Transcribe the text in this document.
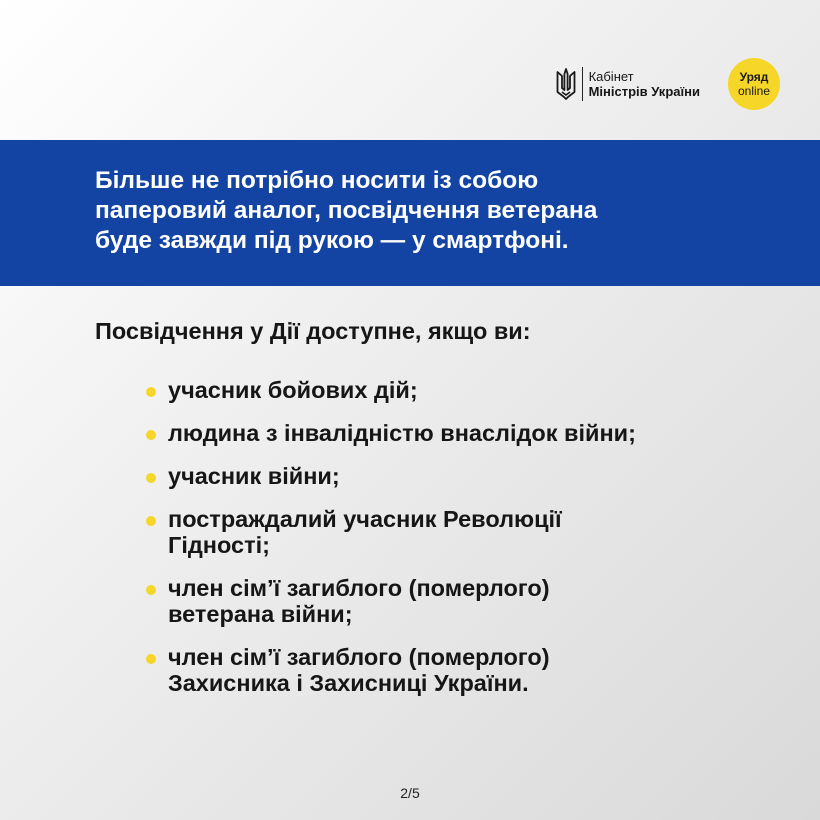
Кабінет
Міністрів України
Уряд
online

Більше не потрібно носити із собою
паперовий аналог, посвідчення ветерана
буде завжди під рукою — у смартфоні.

Посвідчення у Дії доступне, якщо ви:

учасник бойових дій;
людина з інвалідністю внаслідок війни;
учасник війни;
постраждалий учасник Революції
Гідності;
член сім’ї загиблого (померлого)
ветерана війни;
член сім’ї загиблого (померлого)
Захисника і Захисниці України.
2/5
